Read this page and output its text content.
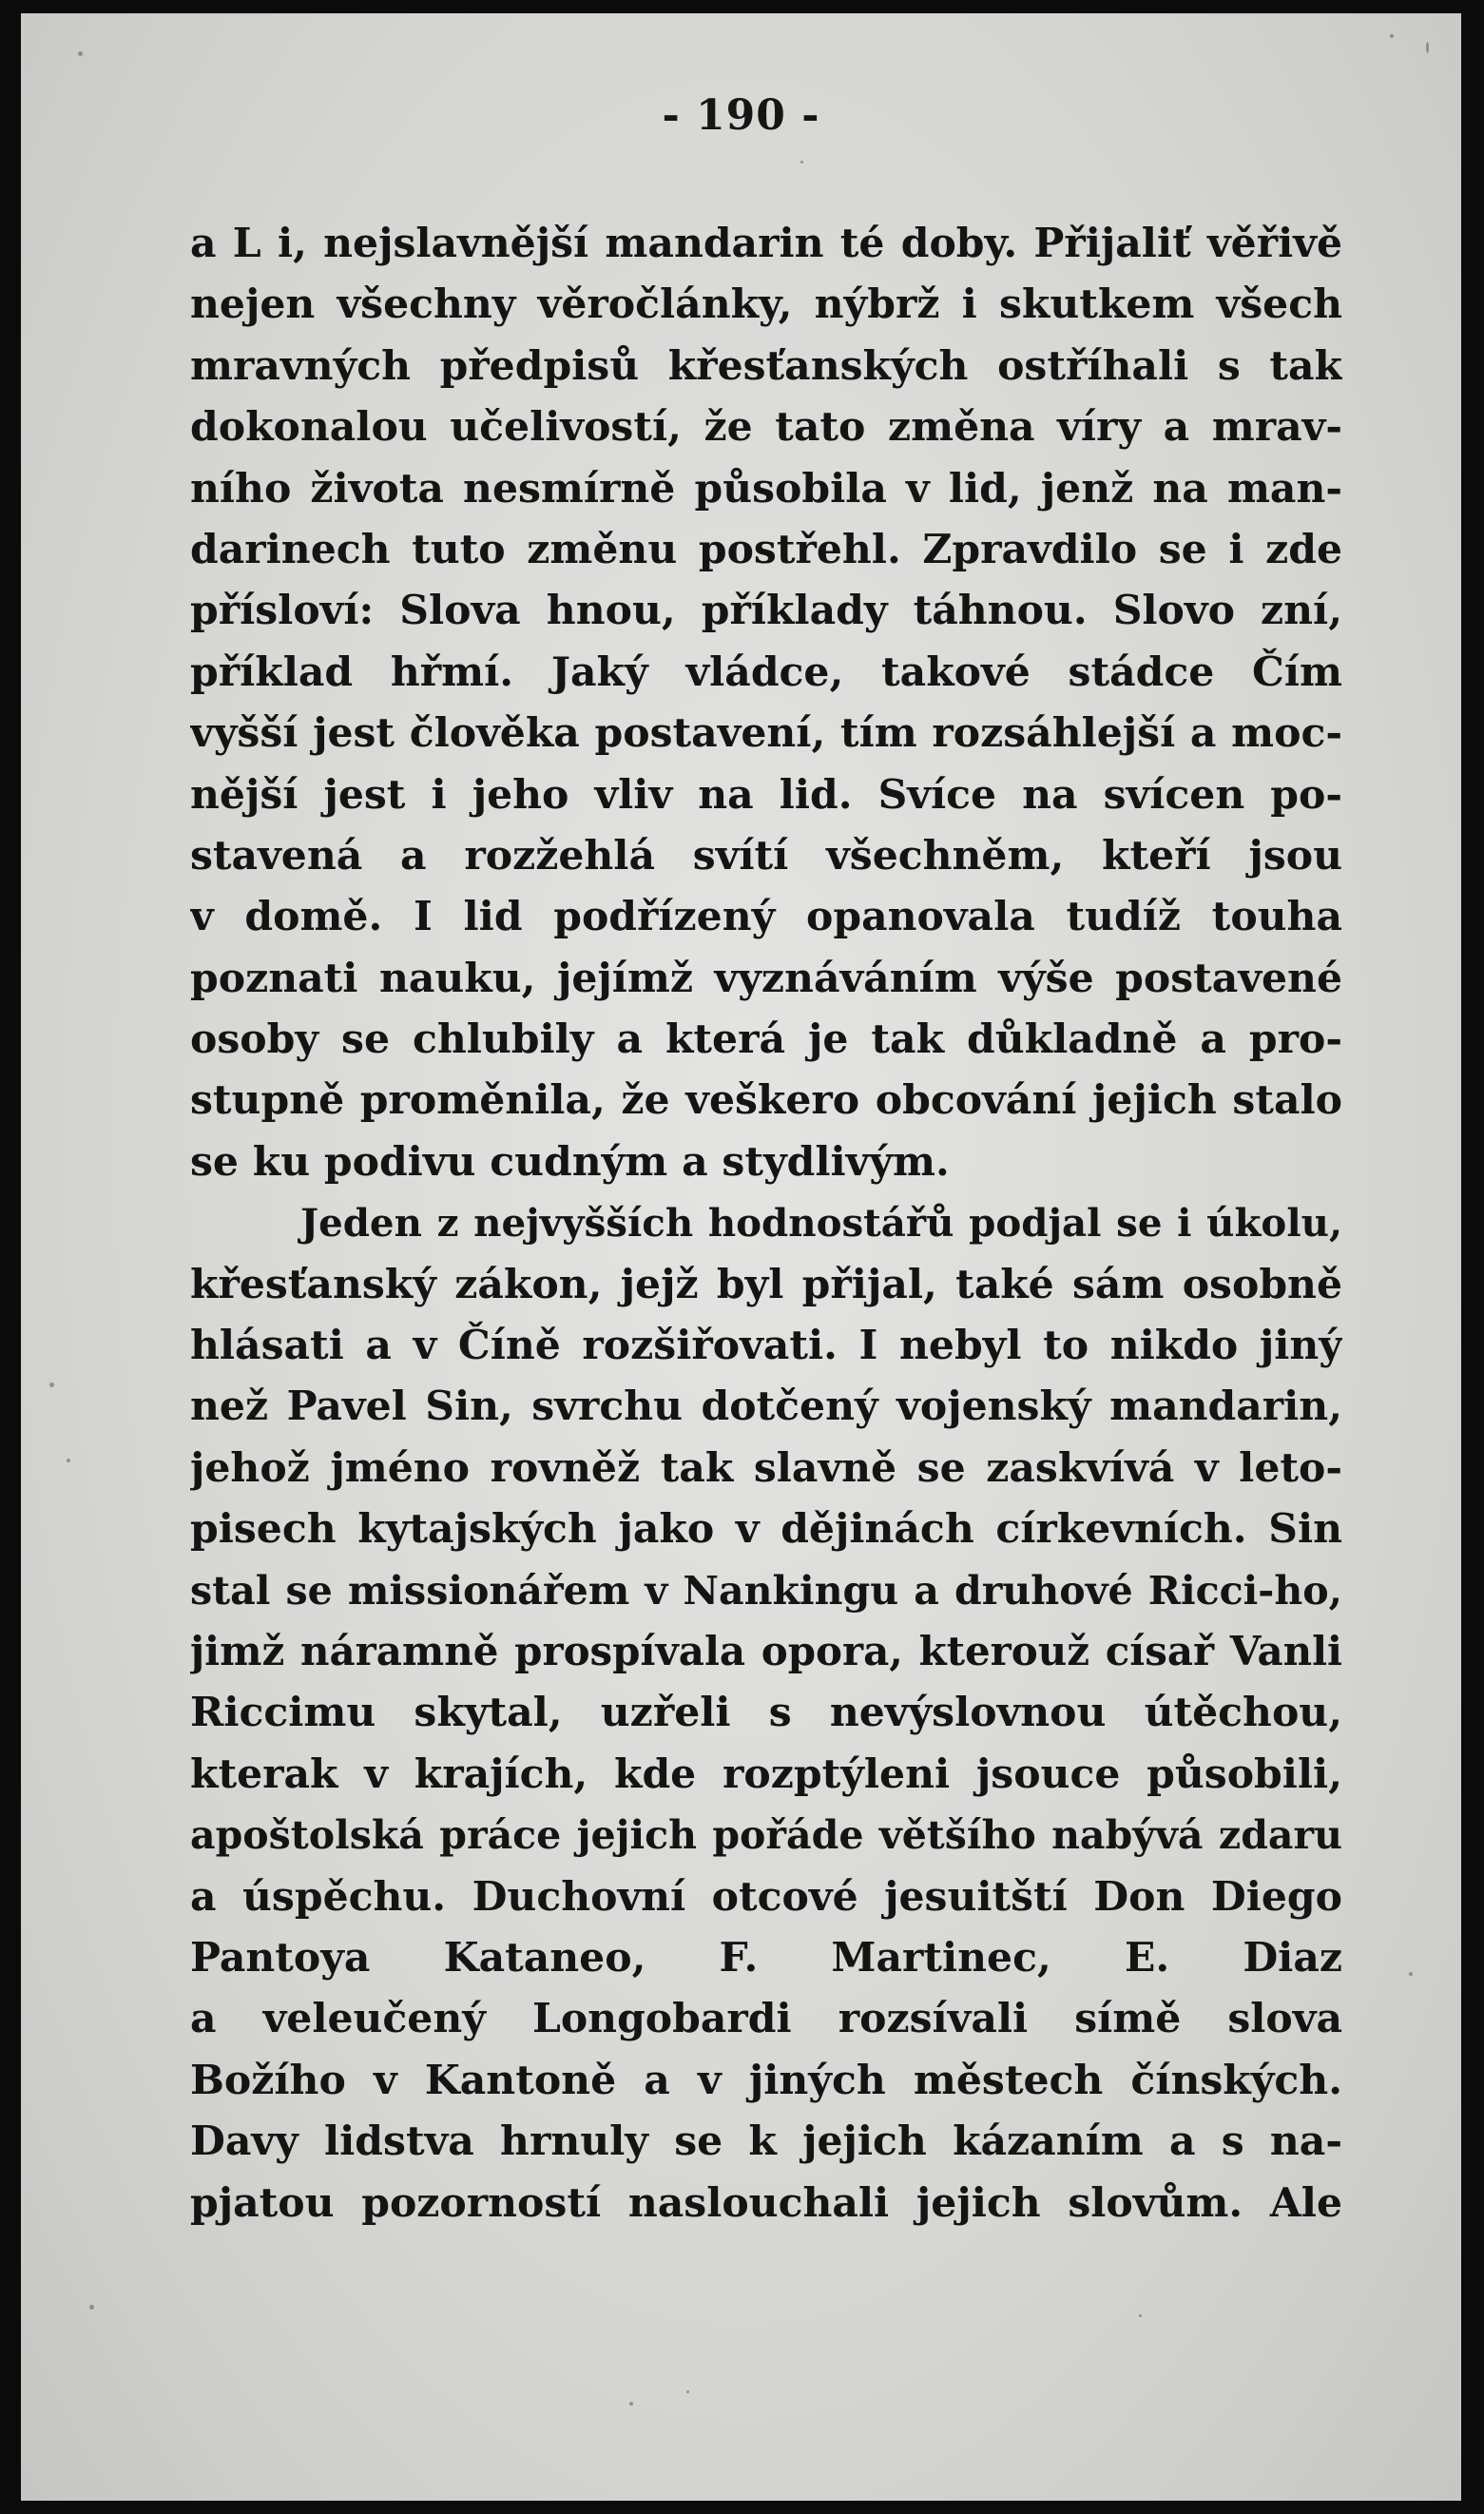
- 190 -
a L i, nejslavnější mandarin té doby. Přijaliť věřivě
nejen všechny věročlánky, nýbrž i skutkem všech
mravných předpisů křesťanských ostříhali s tak
dokonalou učelivostí, že tato změna víry a mrav-
ního života nesmírně působila v lid, jenž na man-
darinech tuto změnu postřehl. Zpravdilo se i zde
přísloví: Slova hnou, příklady táhnou. Slovo zní,
příklad hřmí. Jaký vládce, takové stádce Čím
vyšší jest člověka postavení, tím rozsáhlejší a moc-
nější jest i jeho vliv na lid. Svíce na svícen po-
stavená a rozžehlá svítí všechněm, kteří jsou
v domě. I lid podřízený opanovala tudíž touha
poznati nauku, jejímž vyznáváním výše postavené
osoby se chlubily a která je tak důkladně a pro-
stupně proměnila, že veškero obcování jejich stalo
se ku podivu cudným a stydlivým.
Jeden z nejvyšších hodnostářů podjal se i úkolu,
křesťanský zákon, jejž byl přijal, také sám osobně
hlásati a v Číně rozšiřovati. I nebyl to nikdo jiný
než Pavel Sin, svrchu dotčený vojenský mandarin,
jehož jméno rovněž tak slavně se zaskvívá v leto-
pisech kytajských jako v dějinách církevních. Sin
stal se missionářem v Nankingu a druhové Ricci-ho,
jimž náramně prospívala opora, kterouž císař Vanli
Riccimu skytal, uzřeli s nevýslovnou útěchou,
kterak v krajích, kde rozptýleni jsouce působili,
apoštolská práce jejich pořáde většího nabývá zdaru
a úspěchu. Duchovní otcové jesuitští Don Diego
Pantoya Kataneo, F. Martinec, E. Diaz
a veleučený Longobardi rozsívali símě slova
Božího v Kantoně a v jiných městech čínských.
Davy lidstva hrnuly se k jejich kázaním a s na-
pjatou pozorností naslouchali jejich slovům. Ale
